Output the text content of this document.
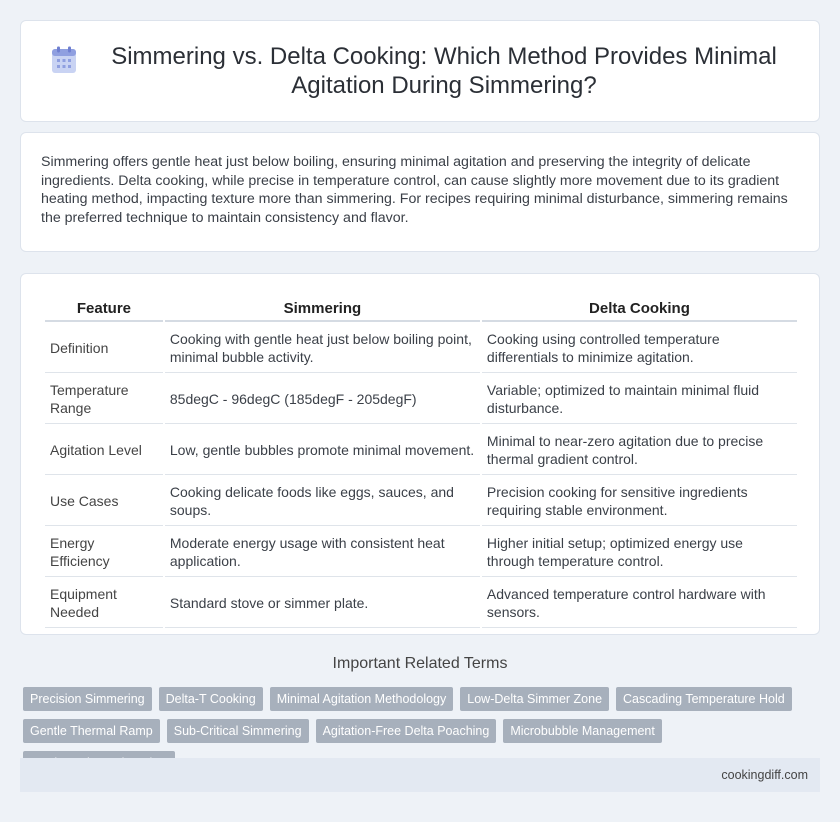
Simmering vs. Delta Cooking: Which Method Provides Minimal Agitation During Simmering?

Simmering offers gentle heat just below boiling, ensuring minimal agitation and preserving the integrity of delicate ingredients. Delta cooking, while precise in temperature control, can cause slightly more movement due to its gradient heating method, impacting texture more than simmering. For recipes requiring minimal disturbance, simmering remains the preferred technique to maintain consistency and flavor.

Feature	Simmering	Delta Cooking
Definition	Cooking with gentle heat just below boiling point, minimal bubble activity.	Cooking using controlled temperature differentials to minimize agitation.
Temperature Range	85degC - 96degC (185degF - 205degF)	Variable; optimized to maintain minimal fluid disturbance.
Agitation Level	Low, gentle bubbles promote minimal movement.	Minimal to near-zero agitation due to precise thermal gradient control.
Use Cases	Cooking delicate foods like eggs, sauces, and soups.	Precision cooking for sensitive ingredients requiring stable environment.
Energy Efficiency	Moderate energy usage with consistent heat application.	Higher initial setup; optimized energy use through temperature control.
Equipment Needed	Standard stove or simmer plate.	Advanced temperature control hardware with sensors.
Important Related Terms
Precision Simmering	Delta-T Cooking	Minimal Agitation Methodology	Low-Delta Simmer Zone	Cascading Temperature Hold
Gentle Thermal Ramp	Sub-Critical Simmering	Agitation-Free Delta Poaching	Microbubble Management
cookingdiff.com
